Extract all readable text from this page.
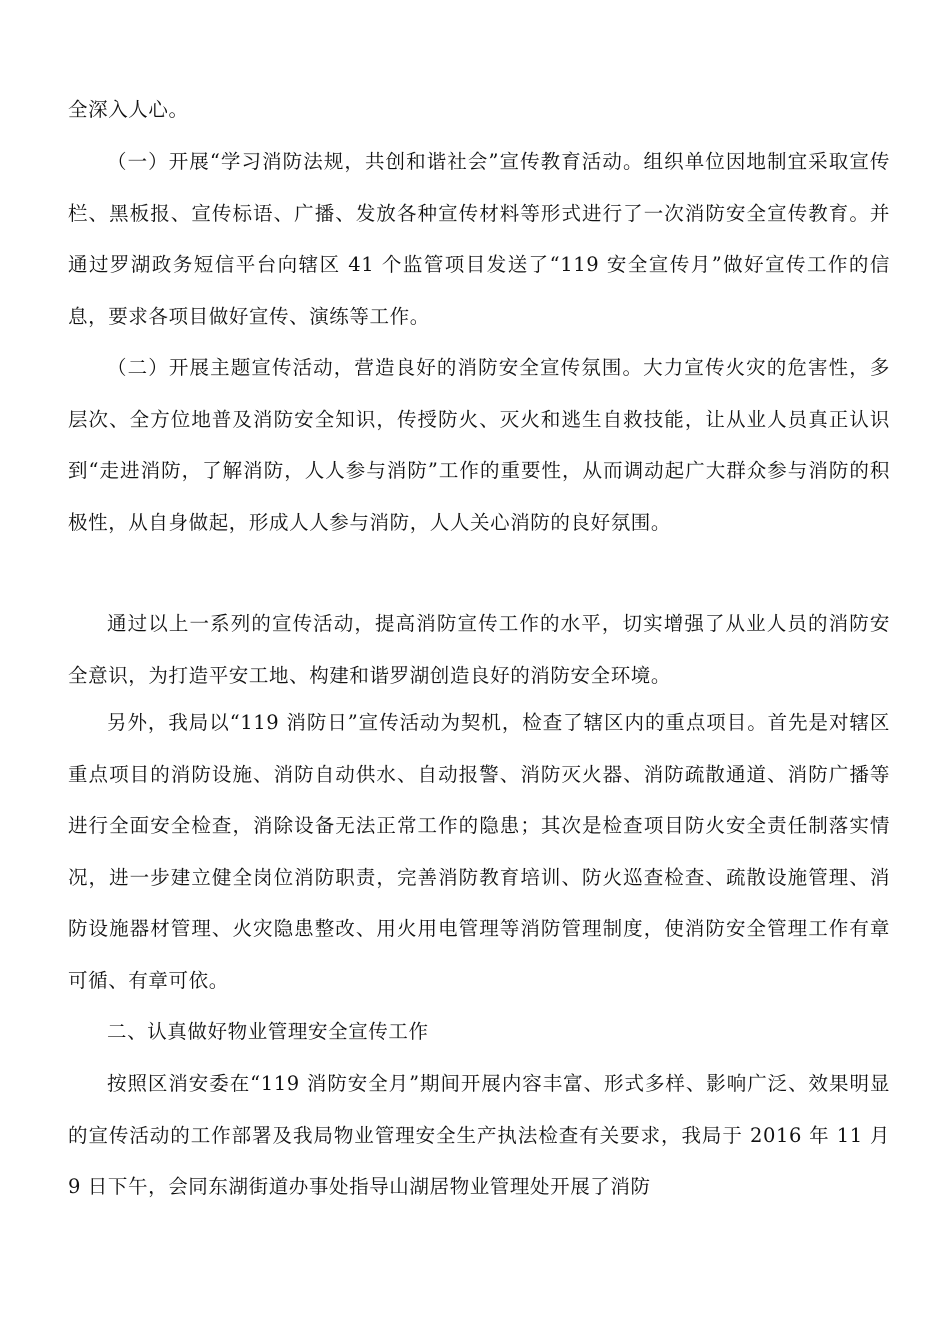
全深入人心。

（一）开展“学习消防法规，共创和谐社会”宣传教育活动。组织单位因地制宜采取宣传栏、黑板报、宣传标语、广播、发放各种宣传材料等形式进行了一次消防安全宣传教育。并通过罗湖政务短信平台向辖区 41 个监管项目发送了“119 安全宣传月”做好宣传工作的信息，要求各项目做好宣传、演练等工作。

（二）开展主题宣传活动，营造良好的消防安全宣传氛围。大力宣传火灾的危害性，多层次、全方位地普及消防安全知识，传授防火、灭火和逃生自救技能，让从业人员真正认识到“走进消防，了解消防，人人参与消防”工作的重要性，从而调动起广大群众参与消防的积极性，从自身做起，形成人人参与消防，人人关心消防的良好氛围。

通过以上一系列的宣传活动，提高消防宣传工作的水平，切实增强了从业人员的消防安全意识，为打造平安工地、构建和谐罗湖创造良好的消防安全环境。

另外，我局以“119 消防日”宣传活动为契机，检查了辖区内的重点项目。首先是对辖区重点项目的消防设施、消防自动供水、自动报警、消防灭火器、消防疏散通道、消防广播等进行全面安全检查，消除设备无法正常工作的隐患；其次是检查项目防火安全责任制落实情况，进一步建立健全岗位消防职责，完善消防教育培训、防火巡查检查、疏散设施管理、消防设施器材管理、火灾隐患整改、用火用电管理等消防管理制度，使消防安全管理工作有章可循、有章可依。

二、认真做好物业管理安全宣传工作

按照区消安委在“119 消防安全月”期间开展内容丰富、形式多样、影响广泛、效果明显的宣传活动的工作部署及我局物业管理安全生产执法检查有关要求，我局于 2016 年 11 月 9 日下午，会同东湖街道办事处指导山湖居物业管理处开展了消防
